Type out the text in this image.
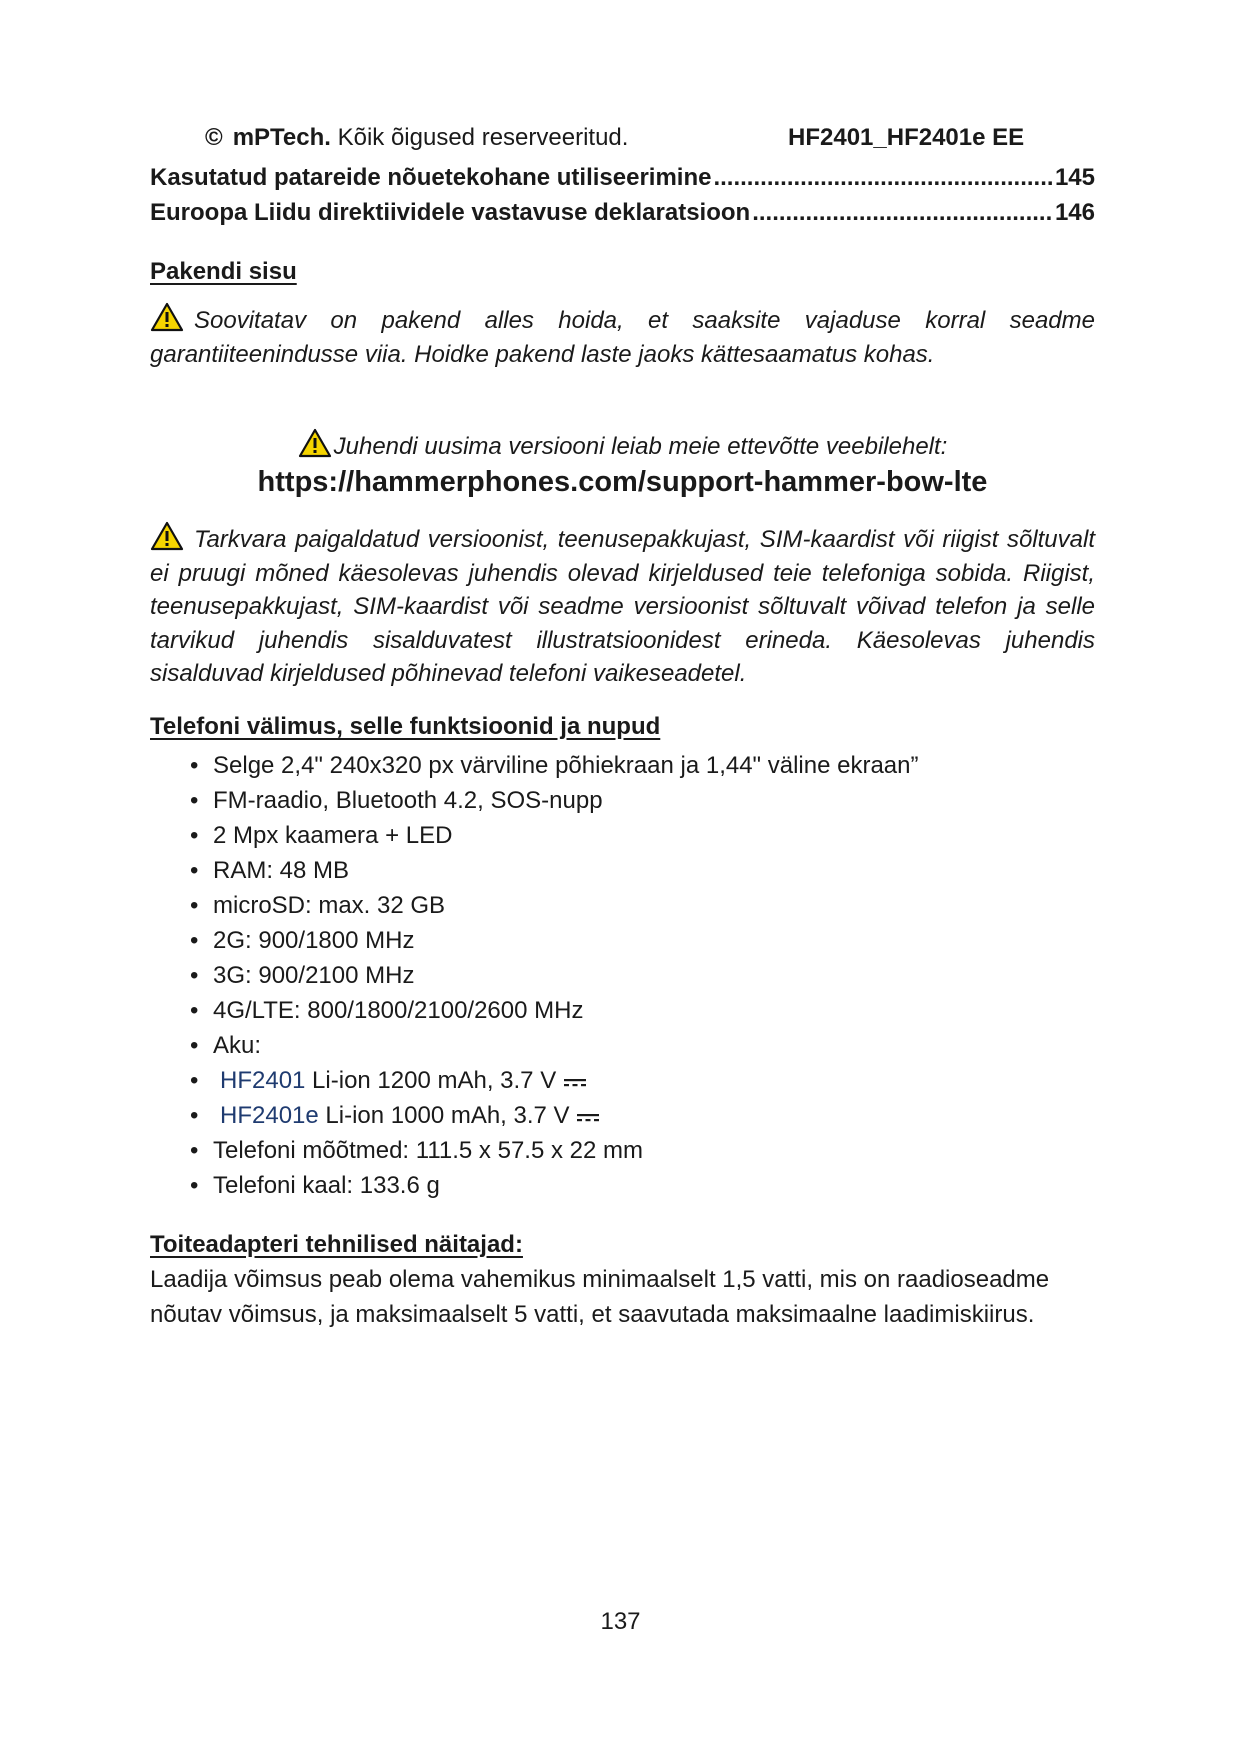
© mPTech. Kõik õigused reserveeritud.	HF2401_HF2401e EE
Kasutatud patareide nõuetekohane utiliseerimine .....	145
Euroopa Liidu direktiividele vastavuse deklaratsioon .....	146
Pakendi sisu
Soovitatav on pakend alles hoida, et saaksite vajaduse korral seadme garantiiteenindusse viia. Hoidke pakend laste jaoks kättesaamatus kohas.
Juhendi uusima versiooni leiab meie ettevõtte veebilehelt:
https://hammerphones.com/support-hammer-bow-lte
Tarkvara paigaldatud versioonist, teenusepakkujast, SIM-kaardist või riigist sõltuvalt ei pruugi mõned käesolevas juhendis olevad kirjeldused teie telefoniga sobida. Riigist, teenusepakkujast, SIM-kaardist või seadme versioonist sõltuvalt võivad telefon ja selle tarvikud juhendis sisalduvatest illustratsioonidest erineda. Käesolevas juhendis sisalduvad kirjeldused põhinevad telefoni vaikeseadetel.
Telefoni välimus, selle funktsioonid ja nupud
• Selge 2,4" 240x320 px värviline põhiekraan ja 1,44" väline ekraan”
• FM-raadio, Bluetooth 4.2, SOS-nupp
• 2 Mpx kaamera + LED
• RAM: 48 MB
• microSD: max. 32 GB
• 2G: 900/1800 MHz
• 3G: 900/2100 MHz
• 4G/LTE: 800/1800/2100/2600 MHz
• Aku:
• HF2401 Li-ion 1200 mAh, 3.7 V
• HF2401e Li-ion 1000 mAh, 3.7 V
• Telefoni mõõtmed: 111.5 x 57.5 x 22 mm
• Telefoni kaal: 133.6 g
Toiteadapteri tehnilised näitajad:
Laadija võimsus peab olema vahemikus minimaalselt 1,5 vatti, mis on raadioseadme nõutav võimsus, ja maksimaalselt 5 vatti, et saavutada maksimaalne laadimiskiirus.
137
